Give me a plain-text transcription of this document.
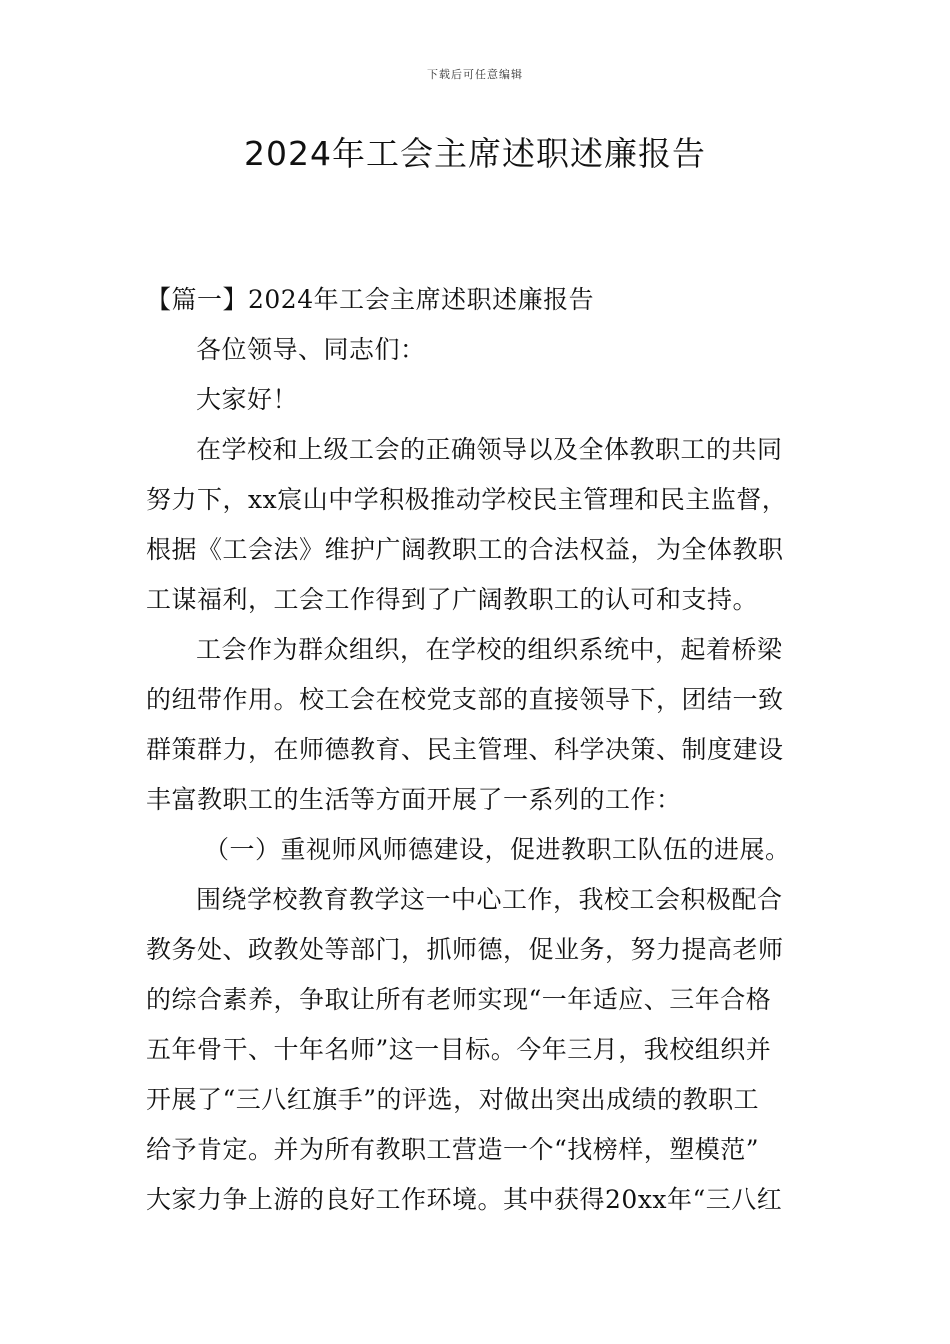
下载后可任意编辑
2024年工会主席述职述廉报告
【篇一】2024年工会主席述职述廉报告
各位领导、同志们：
大家好！
在学校和上级工会的正确领导以及全体教职工的共同
努力下，xx宸山中学积极推动学校民主管理和民主监督，
根据《工会法》维护广阔教职工的合法权益，为全体教职
工谋福利，工会工作得到了广阔教职工的认可和支持。
工会作为群众组织，在学校的组织系统中，起着桥梁
的纽带作用。校工会在校党支部的直接领导下，团结一致
群策群力，在师德教育、民主管理、科学决策、制度建设
丰富教职工的生活等方面开展了一系列的工作：
（一）重视师风师德建设，促进教职工队伍的进展。
围绕学校教育教学这一中心工作，我校工会积极配合
教务处、政教处等部门，抓师德，促业务，努力提高老师
的综合素养，争取让所有老师实现“一年适应、三年合格
五年骨干、十年名师”这一目标。今年三月，我校组织并
开展了“三八红旗手”的评选，对做出突出成绩的教职工
给予肯定。并为所有教职工营造一个“找榜样，塑模范”
大家力争上游的良好工作环境。其中获得20xx年“三八红
